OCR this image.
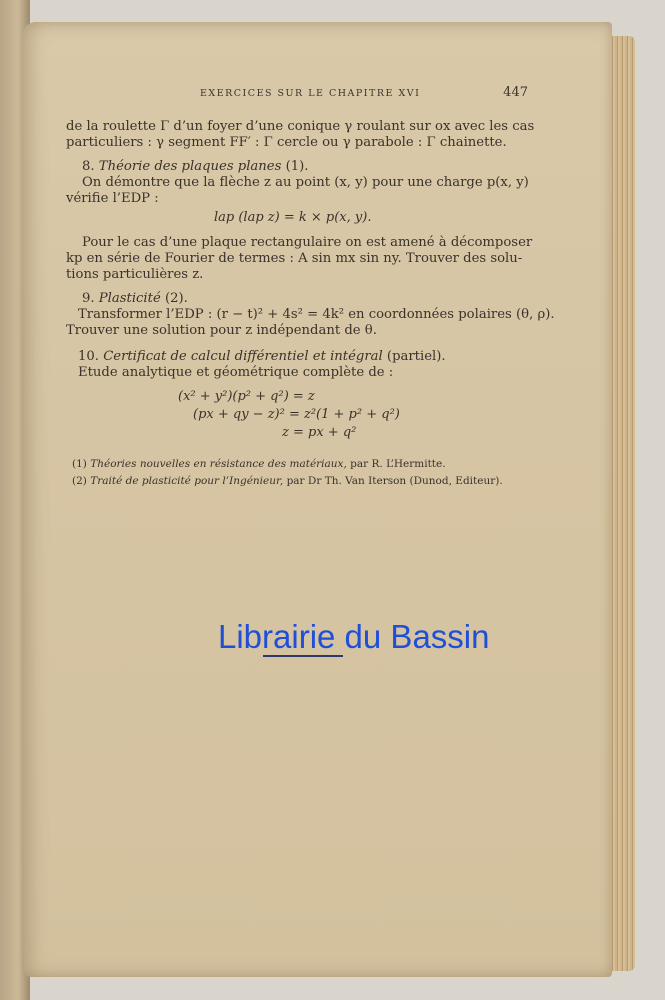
EXERCICES SUR LE CHAPITRE XVI	447
de la roulette Γ d’un foyer d’une conique γ roulant sur ox avec les cas
particuliers : γ segment FF′ : Γ cercle ou γ parabole : Γ chainette.
8. Théorie des plaques planes (1).
On démontre que la flèche z au point (x, y) pour une charge p(x, y)
vérifie l’EDP :
lap (lap z) = k × p(x, y).
Pour le cas d’une plaque rectangulaire on est amené à décomposer
kp en série de Fourier de termes : A sin mx sin ny. Trouver des solu-
tions particulières z.
9. Plasticité (2).
Transformer l’EDP : (r − t)² + 4s² = 4k² en coordonnées polaires (θ, ρ).
Trouver une solution pour z indépendant de θ.
10. Certificat de calcul différentiel et intégral (partiel).
Etude analytique et géométrique complète de :
(x² + y²)(p² + q²) = z
(px + qy − z)² = z²(1 + p² + q²)
z = px + q²
(1) Théories nouvelles en résistance des matériaux, par R. L’Hermitte.
(2) Traité de plasticité pour l’Ingénieur, par Dr Th. Van Iterson (Dunod, Editeur).
Librairie du Bassin
